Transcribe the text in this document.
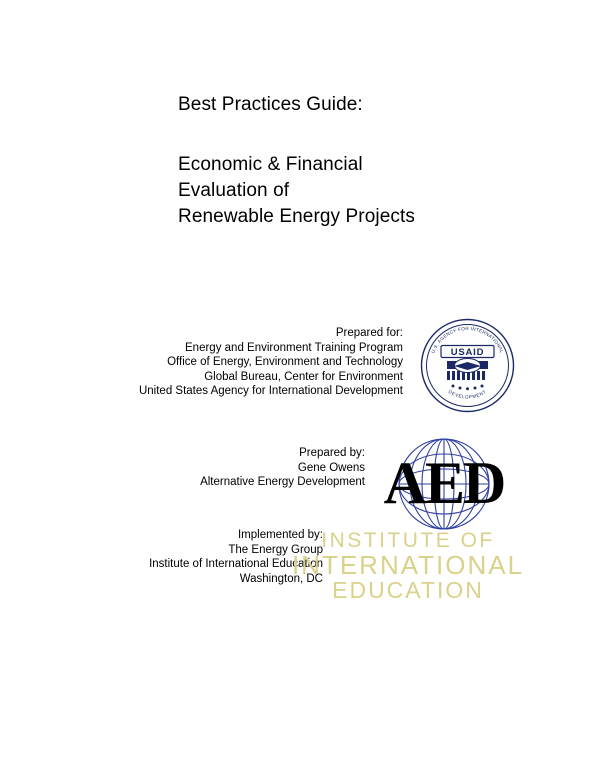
Best Practices Guide:
Economic & Financial
Evaluation of
Renewable Energy Projects
Prepared for:
Energy and Environment Training Program
Office of Energy, Environment and Technology
Global Bureau, Center for Environment
United States Agency for International Development
U.S. AGENCY FOR INTERNATIONAL
DEVELOPMENT
USAID
Prepared by:
Gene Owens
Alternative Energy Development AED
Implemented by:
The Energy Group
Institute of International Education
Washington, DC
INSTITUTE OF
INTERNATIONAL
EDUCATION
